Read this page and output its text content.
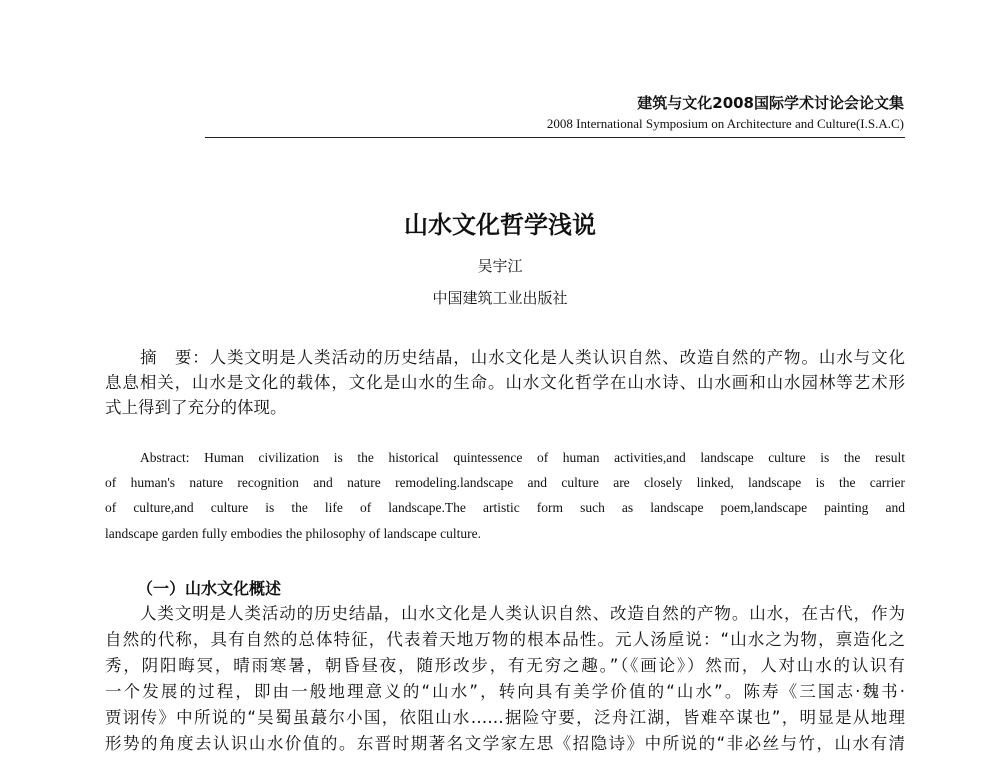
建筑与文化2008国际学术讨论会论文集
2008 International Symposium on Architecture and Culture(I.S.A.C)
山水文化哲学浅说
吴宇江
中国建筑工业出版社
摘　要：人类文明是人类活动的历史结晶，山水文化是人类认识自然、改造自然的产物。山水与文化
息息相关，山水是文化的载体，文化是山水的生命。山水文化哲学在山水诗、山水画和山水园林等艺术形
式上得到了充分的体现。
Abstract: Human civilization is the historical quintessence of human activities,and landscape culture is the result
of human's nature recognition and nature remodeling.landscape and culture are closely linked, landscape is the carrier
of culture,and culture is the life of landscape.The artistic form such as landscape poem,landscape painting and
landscape garden fully embodies the philosophy of landscape culture.
（一）山水文化概述
人类文明是人类活动的历史结晶，山水文化是人类认识自然、改造自然的产物。山水，在古代，作为
自然的代称，具有自然的总体特征，代表着天地万物的根本品性。元人汤垕说：“山水之为物，禀造化之
秀，阴阳晦冥，晴雨寒暑，朝昏昼夜，随形改步，有无穷之趣。”（《画论》）然而，人对山水的认识有
一个发展的过程，即由一般地理意义的“山水”，转向具有美学价值的“山水”。陈寿《三国志·魏书·
贾诩传》中所说的“吴蜀虽蕞尔小国，依阻山水……据险守要，泛舟江湖，皆难卒谋也”，明显是从地理
形势的角度去认识山水价值的。东晋时期著名文学家左思《招隐诗》中所说的“非必丝与竹，山水有清
